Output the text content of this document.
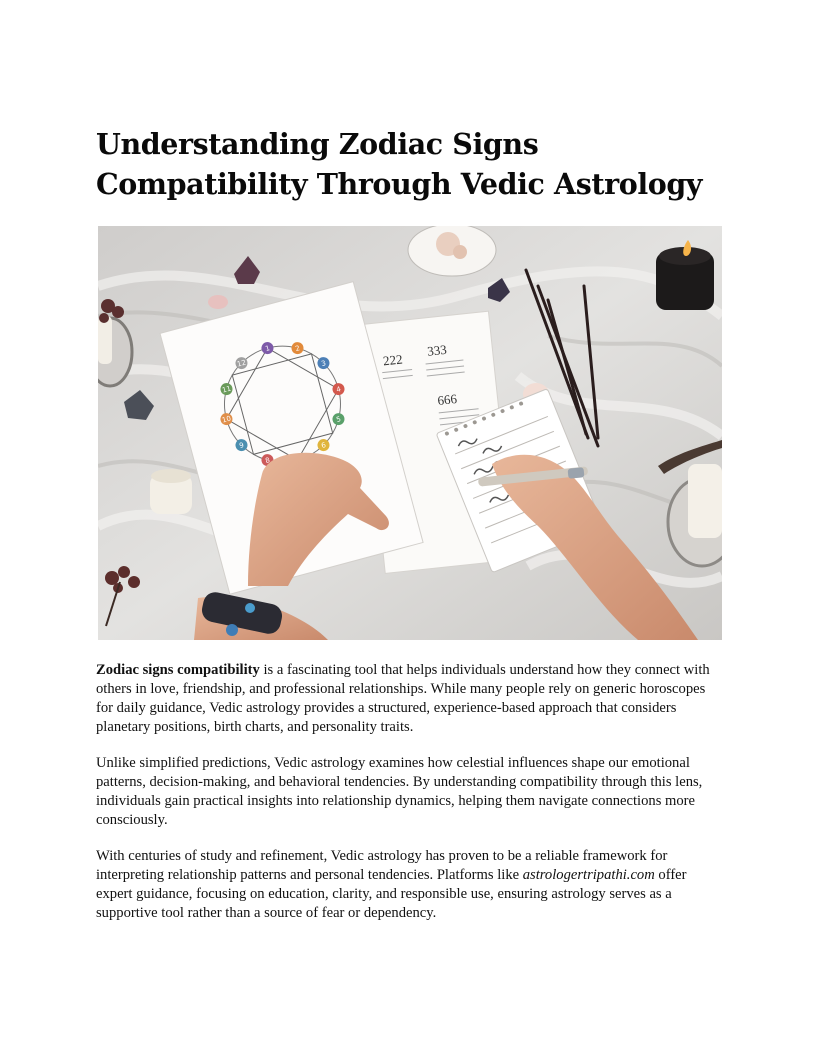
Understanding Zodiac Signs
Compatibility Through Vedic Astrology
222
333
666
1	2
3
4
5
6
8
9
10
11
12

Zodiac signs compatibility is a fascinating tool that helps individuals understand how they connect with others in love, friendship, and professional relationships. While many people rely on generic horoscopes for daily guidance, Vedic astrology provides a structured, experience-based approach that considers planetary positions, birth charts, and personality traits.

Unlike simplified predictions, Vedic astrology examines how celestial influences shape our emotional patterns, decision-making, and behavioral tendencies. By understanding compatibility through this lens, individuals gain practical insights into relationship dynamics, helping them navigate connections more consciously.

With centuries of study and refinement, Vedic astrology has proven to be a reliable framework for interpreting relationship patterns and personal tendencies. Platforms like astrologertripathi.com offer expert guidance, focusing on education, clarity, and responsible use, ensuring astrology serves as a supportive tool rather than a source of fear or dependency.
